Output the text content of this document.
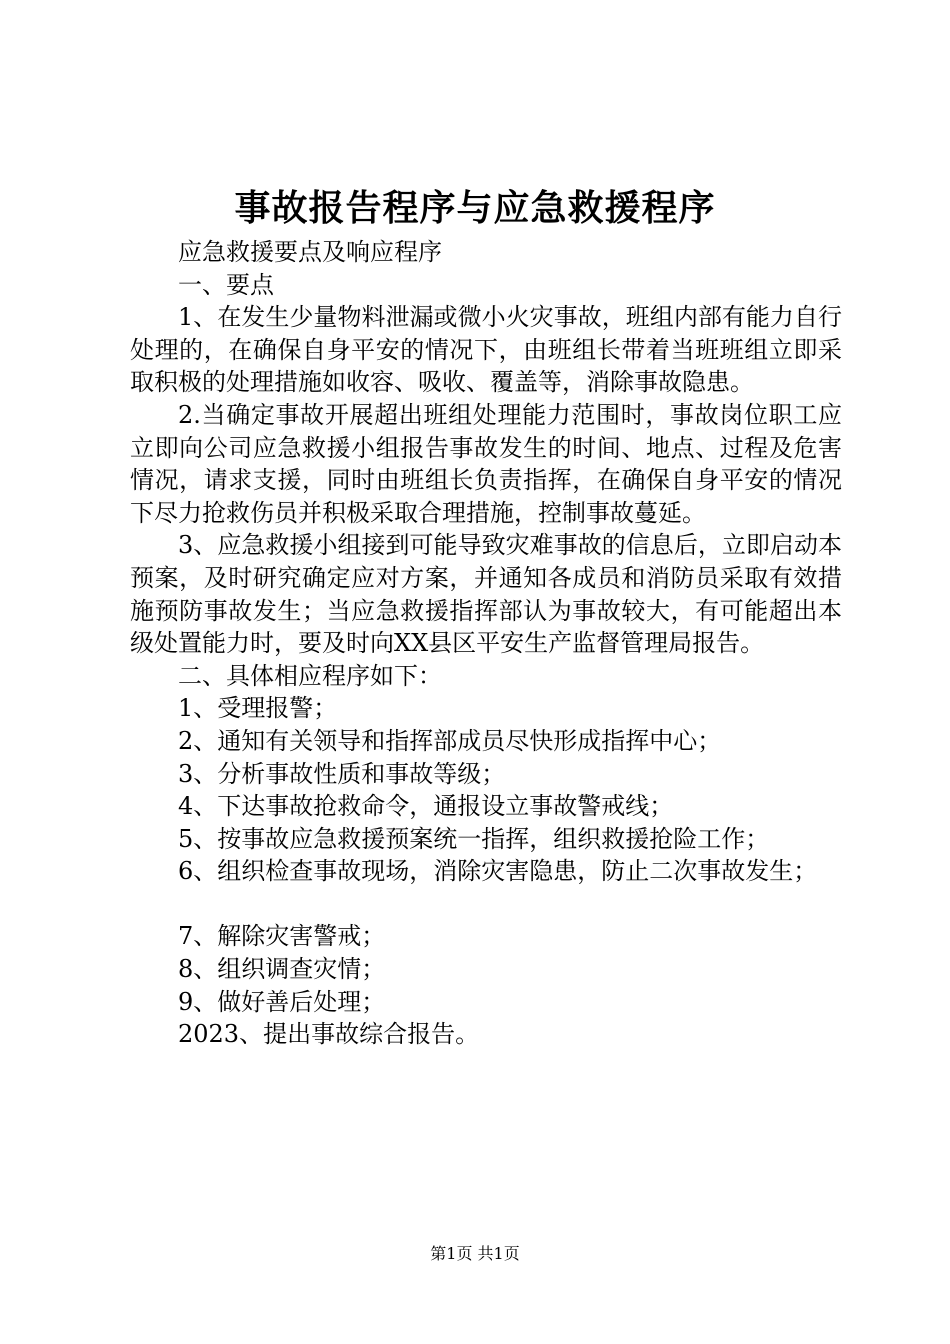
事故报告程序与应急救援程序

应急救援要点及响应程序

一、要点

1、在发生少量物料泄漏或微小火灾事故，班组内部有能力自行处理的，在确保自身平安的情况下，由班组长带着当班班组立即采取积极的处理措施如收容、吸收、覆盖等，消除事故隐患。

2.当确定事故开展超出班组处理能力范围时，事故岗位职工应立即向公司应急救援小组报告事故发生的时间、地点、过程及危害情况，请求支援，同时由班组长负责指挥，在确保自身平安的情况下尽力抢救伤员并积极采取合理措施，控制事故蔓延。

3、应急救援小组接到可能导致灾难事故的信息后，立即启动本预案，及时研究确定应对方案，并通知各成员和消防员采取有效措施预防事故发生；当应急救援指挥部认为事故较大，有可能超出本级处置能力时，要及时向XX县区平安生产监督管理局报告。

二、具体相应程序如下：

1、受理报警；
2、通知有关领导和指挥部成员尽快形成指挥中心；
3、分析事故性质和事故等级；
4、下达事故抢救命令，通报设立事故警戒线；
5、按事故应急救援预案统一指挥，组织救援抢险工作；
6、组织检查事故现场，消除灾害隐患，防止二次事故发生；
7、解除灾害警戒；
8、组织调查灾情；
9、做好善后处理；
2023、提出事故综合报告。
第1页 共1页
